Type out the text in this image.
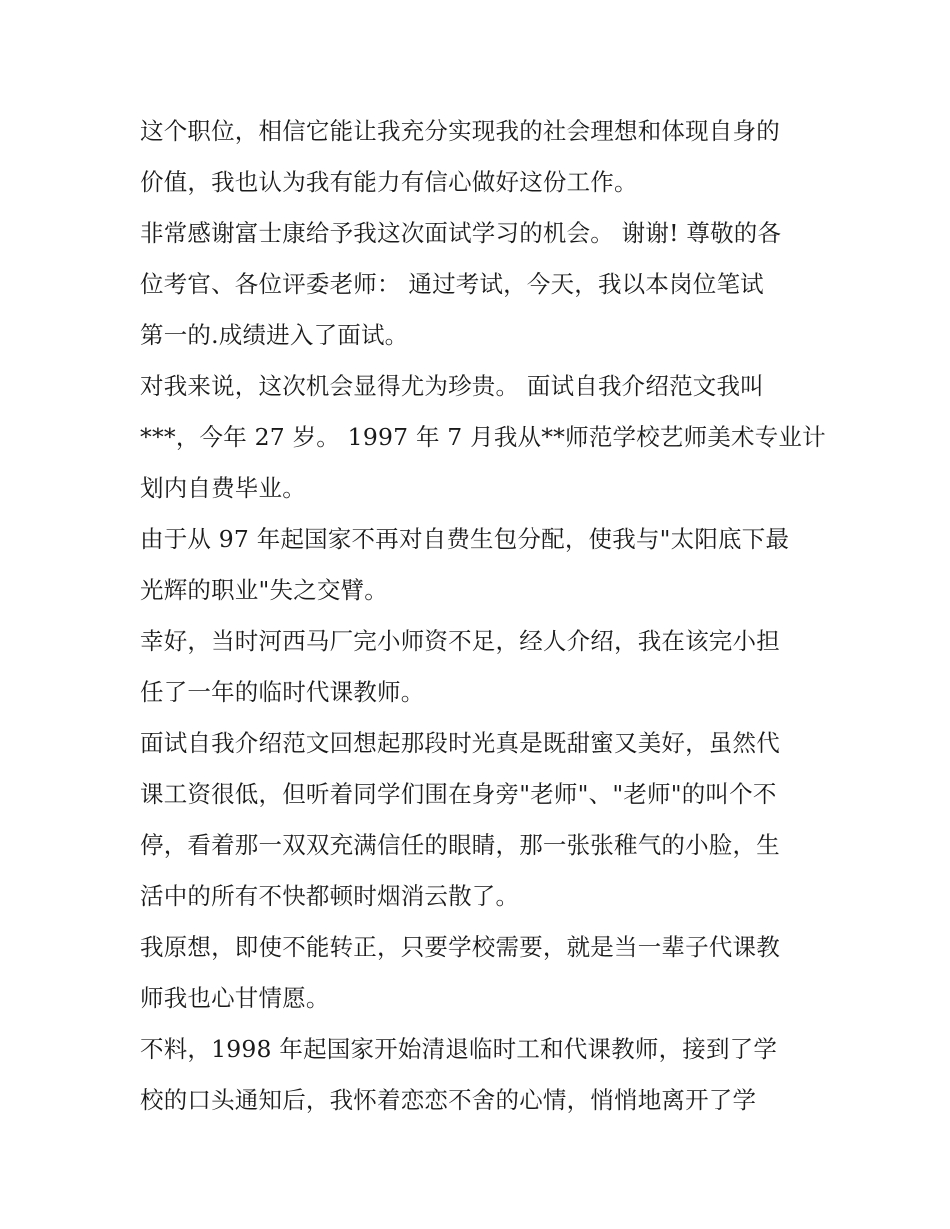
这个职位，相信它能让我充分实现我的社会理想和体现自身的
价值，我也认为我有能力有信心做好这份工作。
非常感谢富士康给予我这次面试学习的机会。 谢谢! 尊敬的各
位考官、各位评委老师： 通过考试，今天，我以本岗位笔试
第一的.成绩进入了面试。
对我来说，这次机会显得尤为珍贵。 面试自我介绍范文我叫
***，今年 27 岁。 1997 年 7 月我从**师范学校艺师美术专业计
划内自费毕业。
由于从 97 年起国家不再对自费生包分配，使我与"太阳底下最
光辉的职业"失之交臂。
幸好，当时河西马厂完小师资不足，经人介绍，我在该完小担
任了一年的临时代课教师。
面试自我介绍范文回想起那段时光真是既甜蜜又美好，虽然代
课工资很低，但听着同学们围在身旁"老师"、"老师"的叫个不
停，看着那一双双充满信任的眼睛，那一张张稚气的小脸，生
活中的所有不快都顿时烟消云散了。
我原想，即使不能转正，只要学校需要，就是当一辈子代课教
师我也心甘情愿。
不料，1998 年起国家开始清退临时工和代课教师，接到了学
校的口头通知后，我怀着恋恋不舍的心情，悄悄地离开了学
